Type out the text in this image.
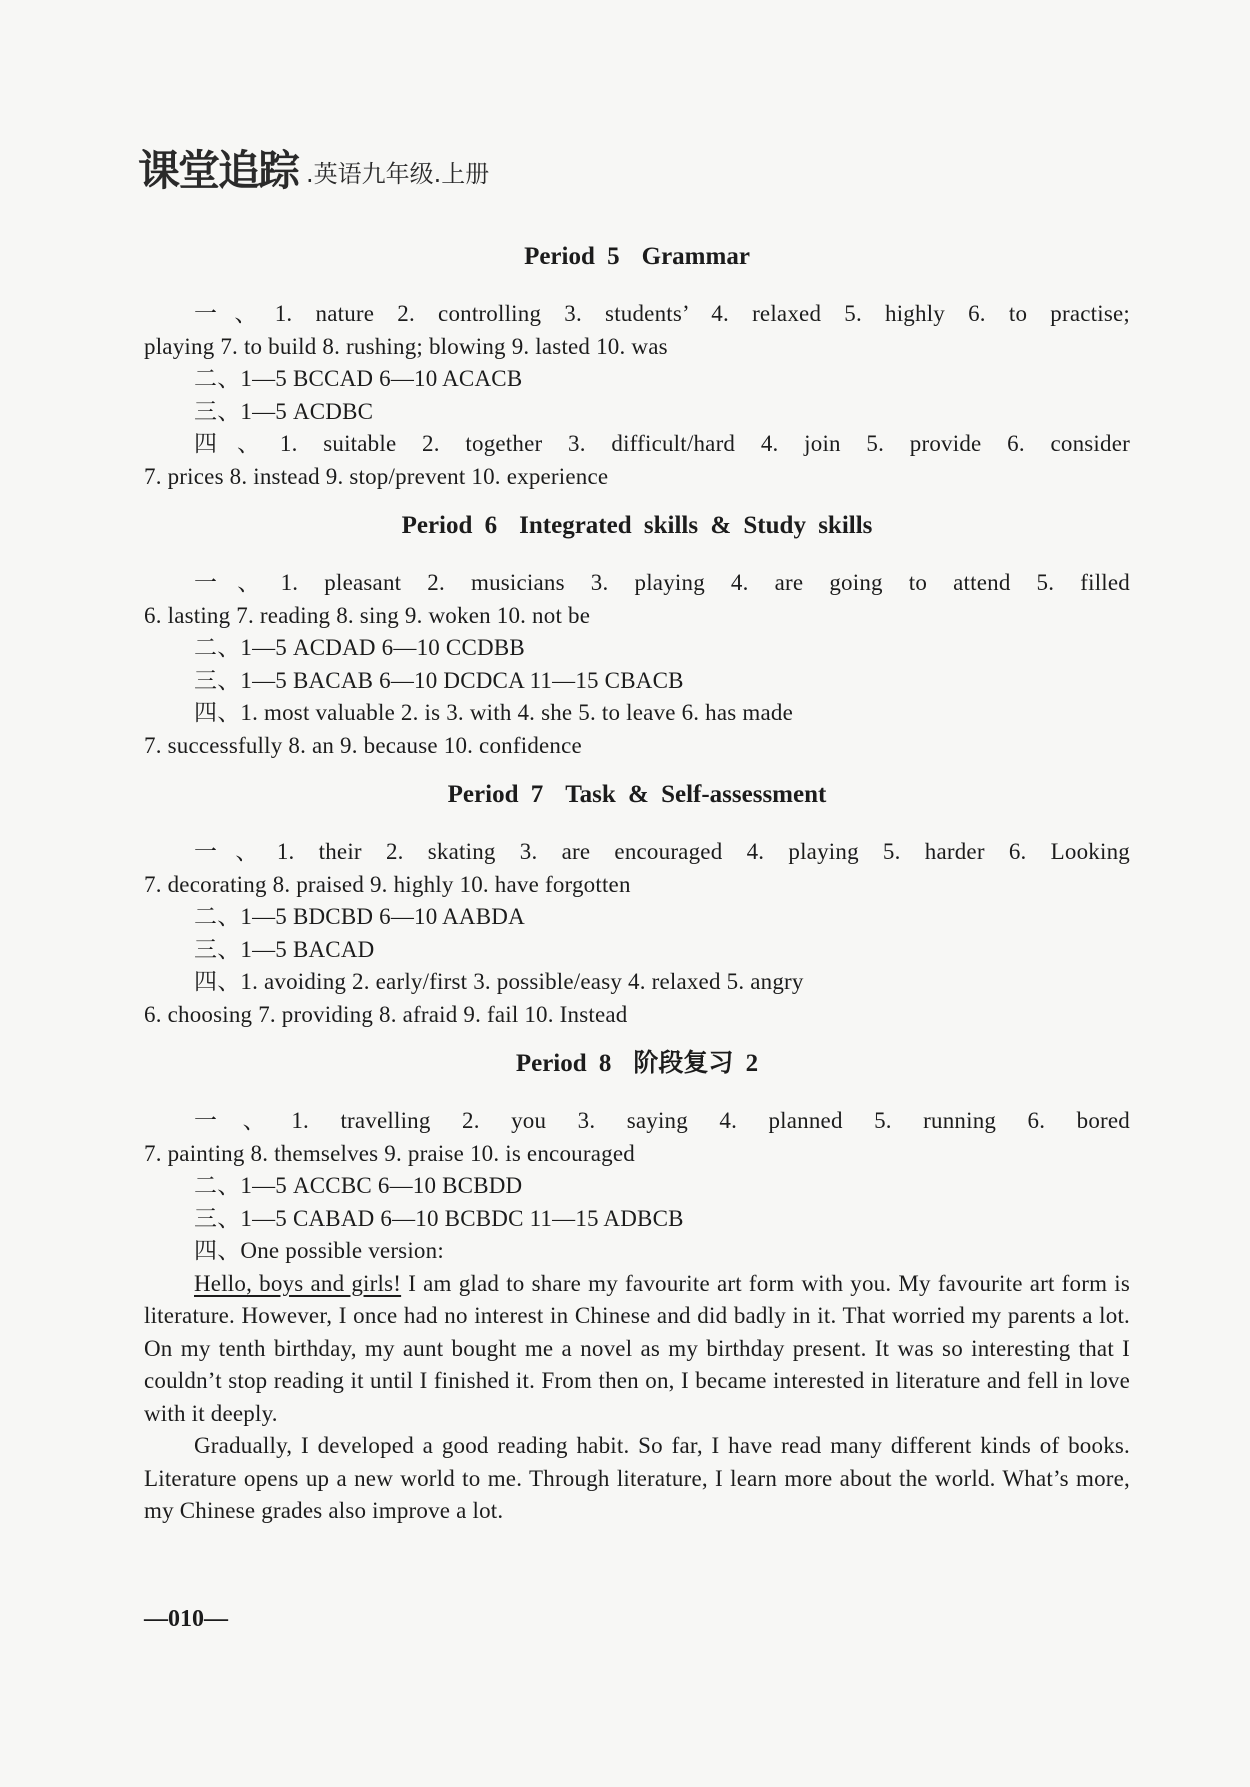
课堂追踪 .英语九年级.上册
Period 5 Grammar
一、1. nature 2. controlling 3. students’ 4. relaxed 5. highly 6. to practise;
playing 7. to build 8. rushing; blowing 9. lasted 10. was
二、1—5 BCCAD 6—10 ACACB
三、1—5 ACDBC
四、1. suitable 2. together 3. difficult/hard 4. join 5. provide 6. consider
7. prices 8. instead 9. stop/prevent 10. experience
Period 6 Integrated skills & Study skills
一、1. pleasant 2. musicians 3. playing 4. are going to attend 5. filled
6. lasting 7. reading 8. sing 9. woken 10. not be
二、1—5 ACDAD 6—10 CCDBB
三、1—5 BACAB 6—10 DCDCA 11—15 CBACB
四、1. most valuable 2. is 3. with 4. she 5. to leave 6. has made
7. successfully 8. an 9. because 10. confidence
Period 7 Task & Self-assessment
一、1. their 2. skating 3. are encouraged 4. playing 5. harder 6. Looking
7. decorating 8. praised 9. highly 10. have forgotten
二、1—5 BDCBD 6—10 AABDA
三、1—5 BACAD
四、1. avoiding 2. early/first 3. possible/easy 4. relaxed 5. angry
6. choosing 7. providing 8. afraid 9. fail 10. Instead
Period 8 阶段复习 2
一、1. travelling 2. you 3. saying 4. planned 5. running 6. bored
7. painting 8. themselves 9. praise 10. is encouraged
二、1—5 ACCBC 6—10 BCBDD
三、1—5 CABAD 6—10 BCBDC 11—15 ADBCB
四、One possible version:
Hello, boys and girls! I am glad to share my favourite art form with you. My favourite art form is literature. However, I once had no interest in Chinese and did badly in it. That worried my parents a lot. On my tenth birthday, my aunt bought me a novel as my birthday present. It was so interesting that I couldn’t stop reading it until I finished it. From then on, I became interested in literature and fell in love with it deeply.
Gradually, I developed a good reading habit. So far, I have read many different kinds of books. Literature opens up a new world to me. Through literature, I learn more about the world. What’s more, my Chinese grades also improve a lot.
—010—
